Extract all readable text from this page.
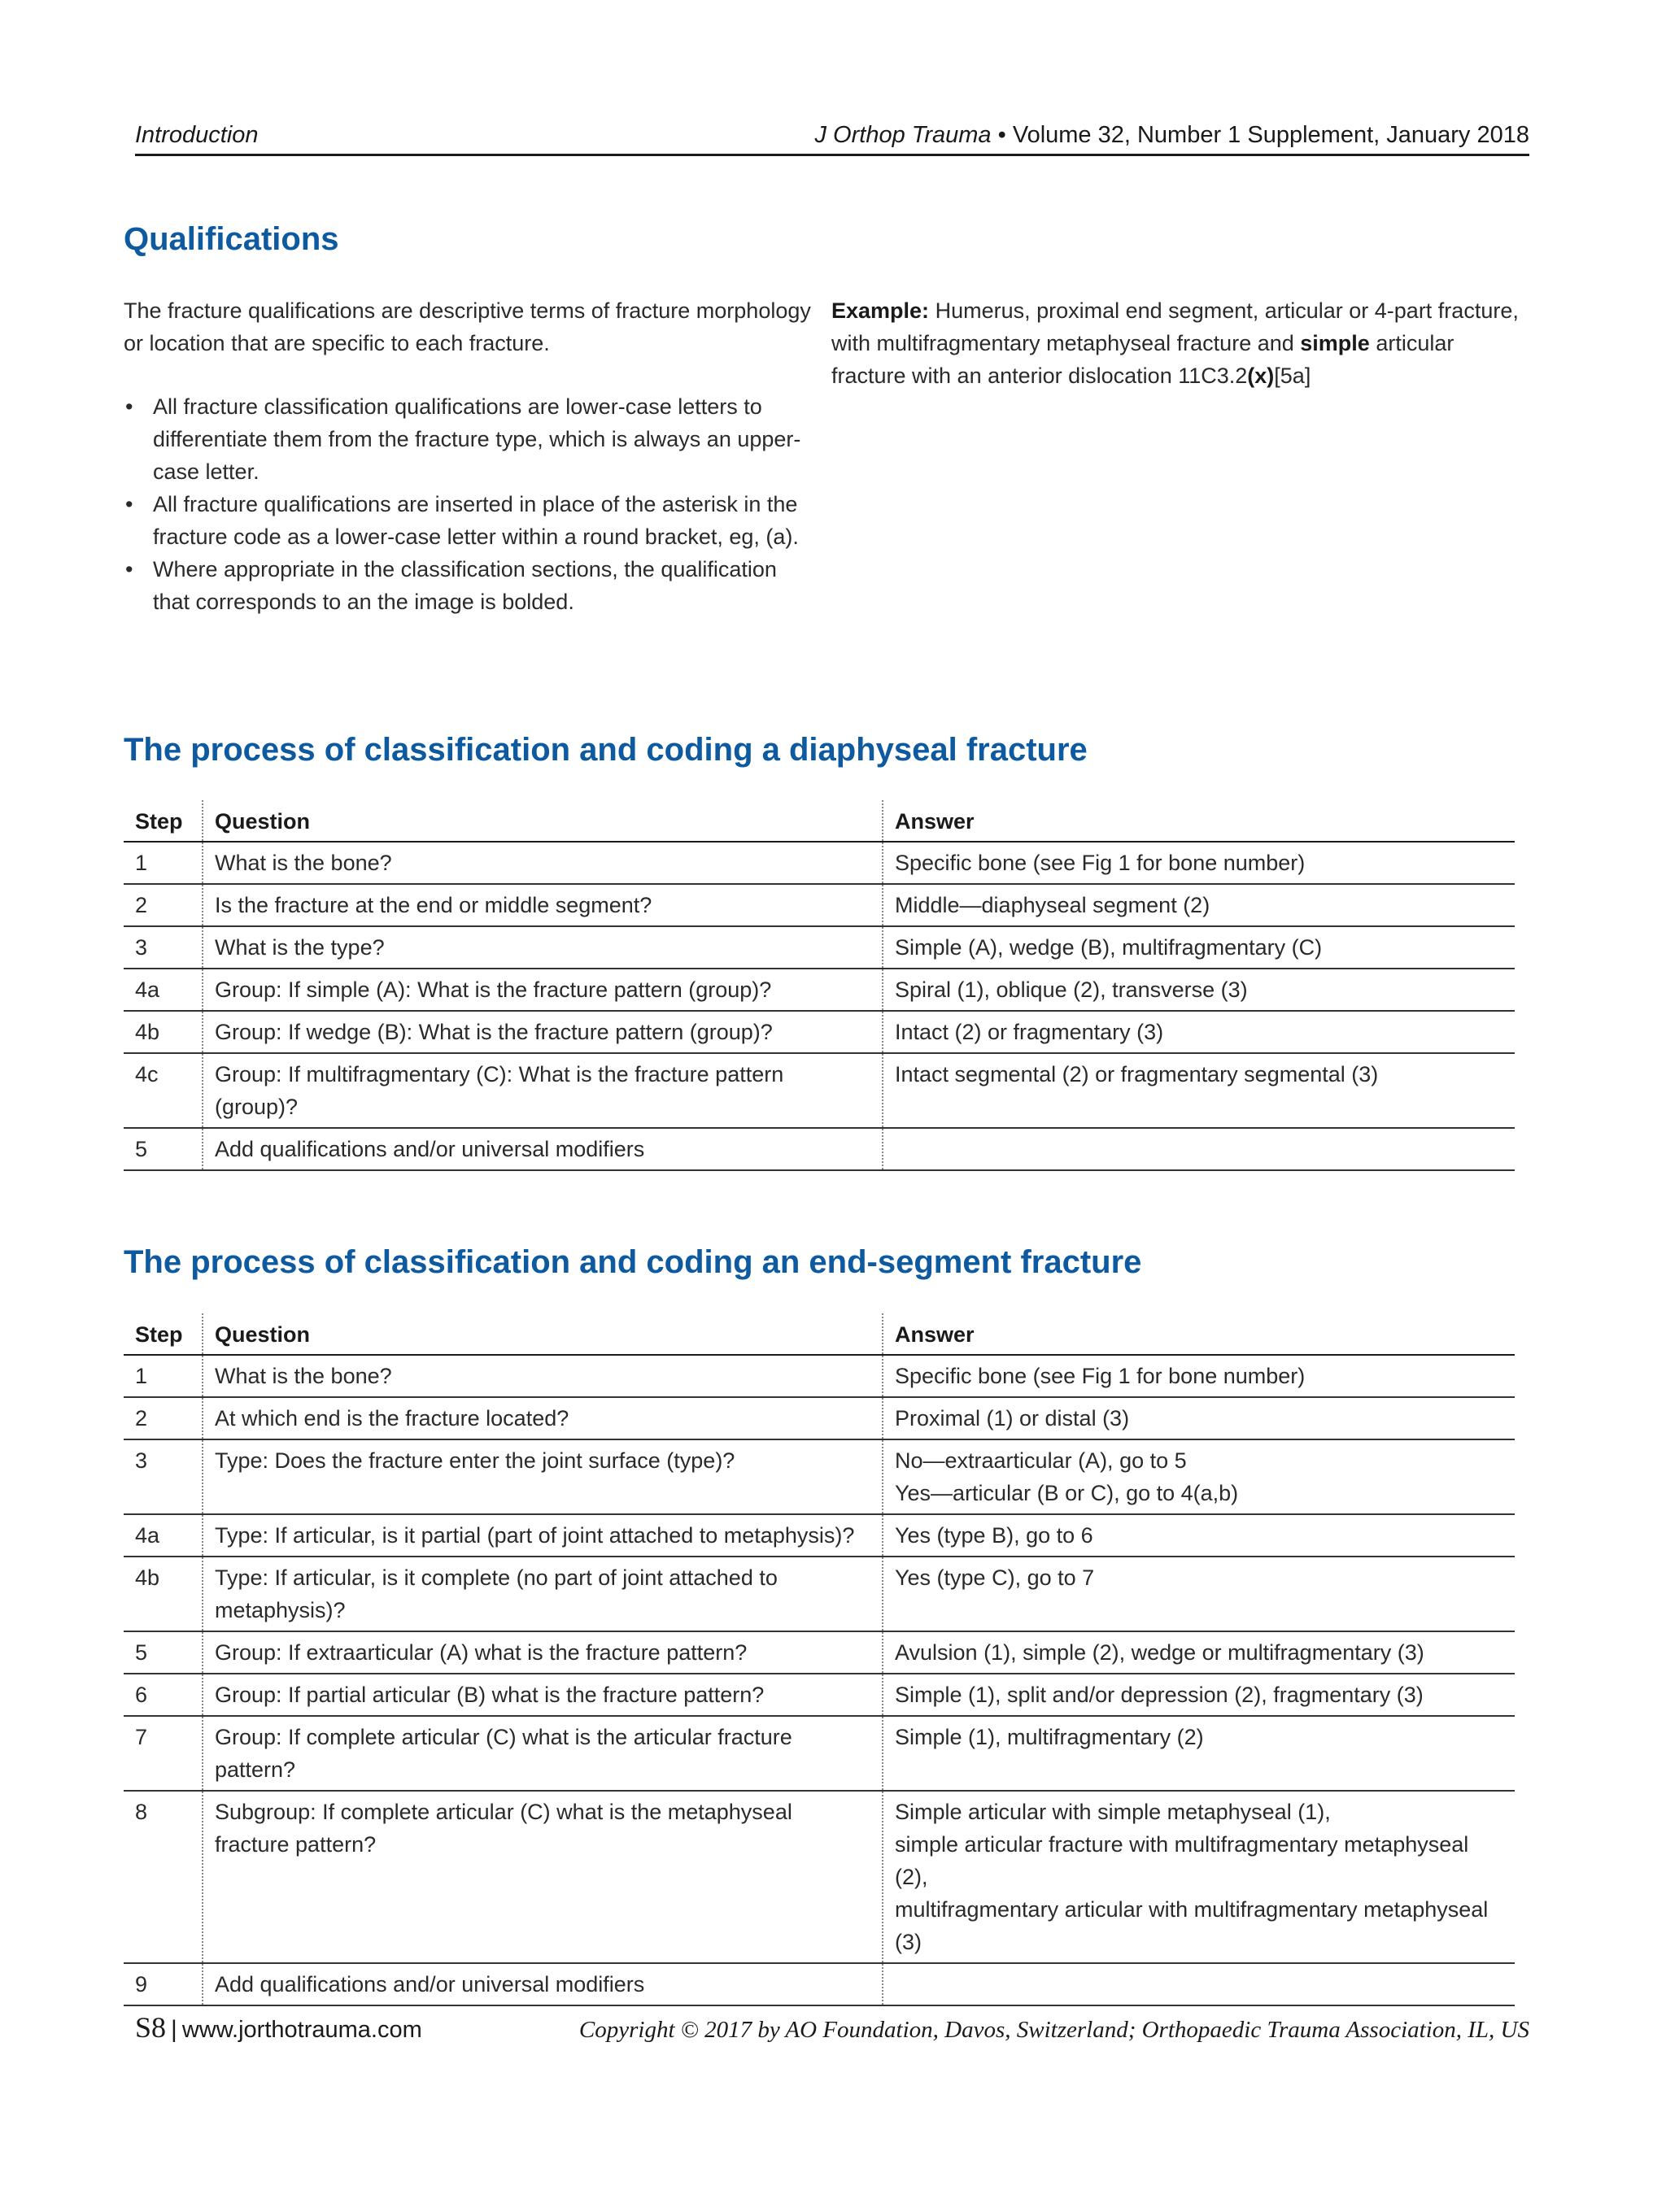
Introduction	J Orthop Trauma • Volume 32, Number 1 Supplement, January 2018
Qualifications

The fracture qualifications are descriptive terms of fracture morphology or location that are specific to each fracture.

• All fracture classification qualifications are lower-case letters to differentiate them from the fracture type, which is always an upper-case letter.
• All fracture qualifications are inserted in place of the asterisk in the fracture code as a lower-case letter within a round bracket, eg, (a).
• Where appropriate in the classification sections, the qualification that corresponds to an the image is bolded.
Example: Humerus, proximal end segment, articular or 4-part fracture, with multifragmentary metaphyseal fracture and simple articular fracture with an anterior dislocation 11C3.2(x)[5a]
The process of classification and coding a diaphyseal fracture
Step	Question	Answer
1	What is the bone?	Specific bone (see Fig 1 for bone number)
2	Is the fracture at the end or middle segment?	Middle—diaphyseal segment (2)
3	What is the type?	Simple (A), wedge (B), multifragmentary (C)
4a	Group: If simple (A): What is the fracture pattern (group)?	Spiral (1), oblique (2), transverse (3)
4b	Group: If wedge (B): What is the fracture pattern (group)?	Intact (2) or fragmentary (3)
4c	Group: If multifragmentary (C): What is the fracture pattern (group)?	Intact segmental (2) or fragmentary segmental (3)
5	Add qualifications and/or universal modifiers	
The process of classification and coding an end-segment fracture
Step	Question	Answer
1	What is the bone?	Specific bone (see Fig 1 for bone number)
2	At which end is the fracture located?	Proximal (1) or distal (3)
3	Type: Does the fracture enter the joint surface (type)?	No—extraarticular (A), go to 5
Yes—articular (B or C), go to 4(a,b)
4a	Type: If articular, is it partial (part of joint attached to metaphysis)?	Yes (type B), go to 6
4b	Type: If articular, is it complete (no part of joint attached to metaphysis)?	Yes (type C), go to 7
5	Group: If extraarticular (A) what is the fracture pattern?	Avulsion (1), simple (2), wedge or multifragmentary (3)
6	Group: If partial articular (B) what is the fracture pattern?	Simple (1), split and/or depression (2), fragmentary (3)
7	Group: If complete articular (C) what is the articular fracture pattern?	Simple (1), multifragmentary (2)
8	Subgroup: If complete articular (C) what is the metaphyseal fracture pattern?	Simple articular with simple metaphyseal (1),
simple articular fracture with multifragmentary metaphyseal (2),
multifragmentary articular with multifragmentary metaphyseal (3)
9	Add qualifications and/or universal modifiers	
S8 | www.jorthotrauma.com	Copyright © 2017 by AO Foundation, Davos, Switzerland; Orthopaedic Trauma Association, IL, US
